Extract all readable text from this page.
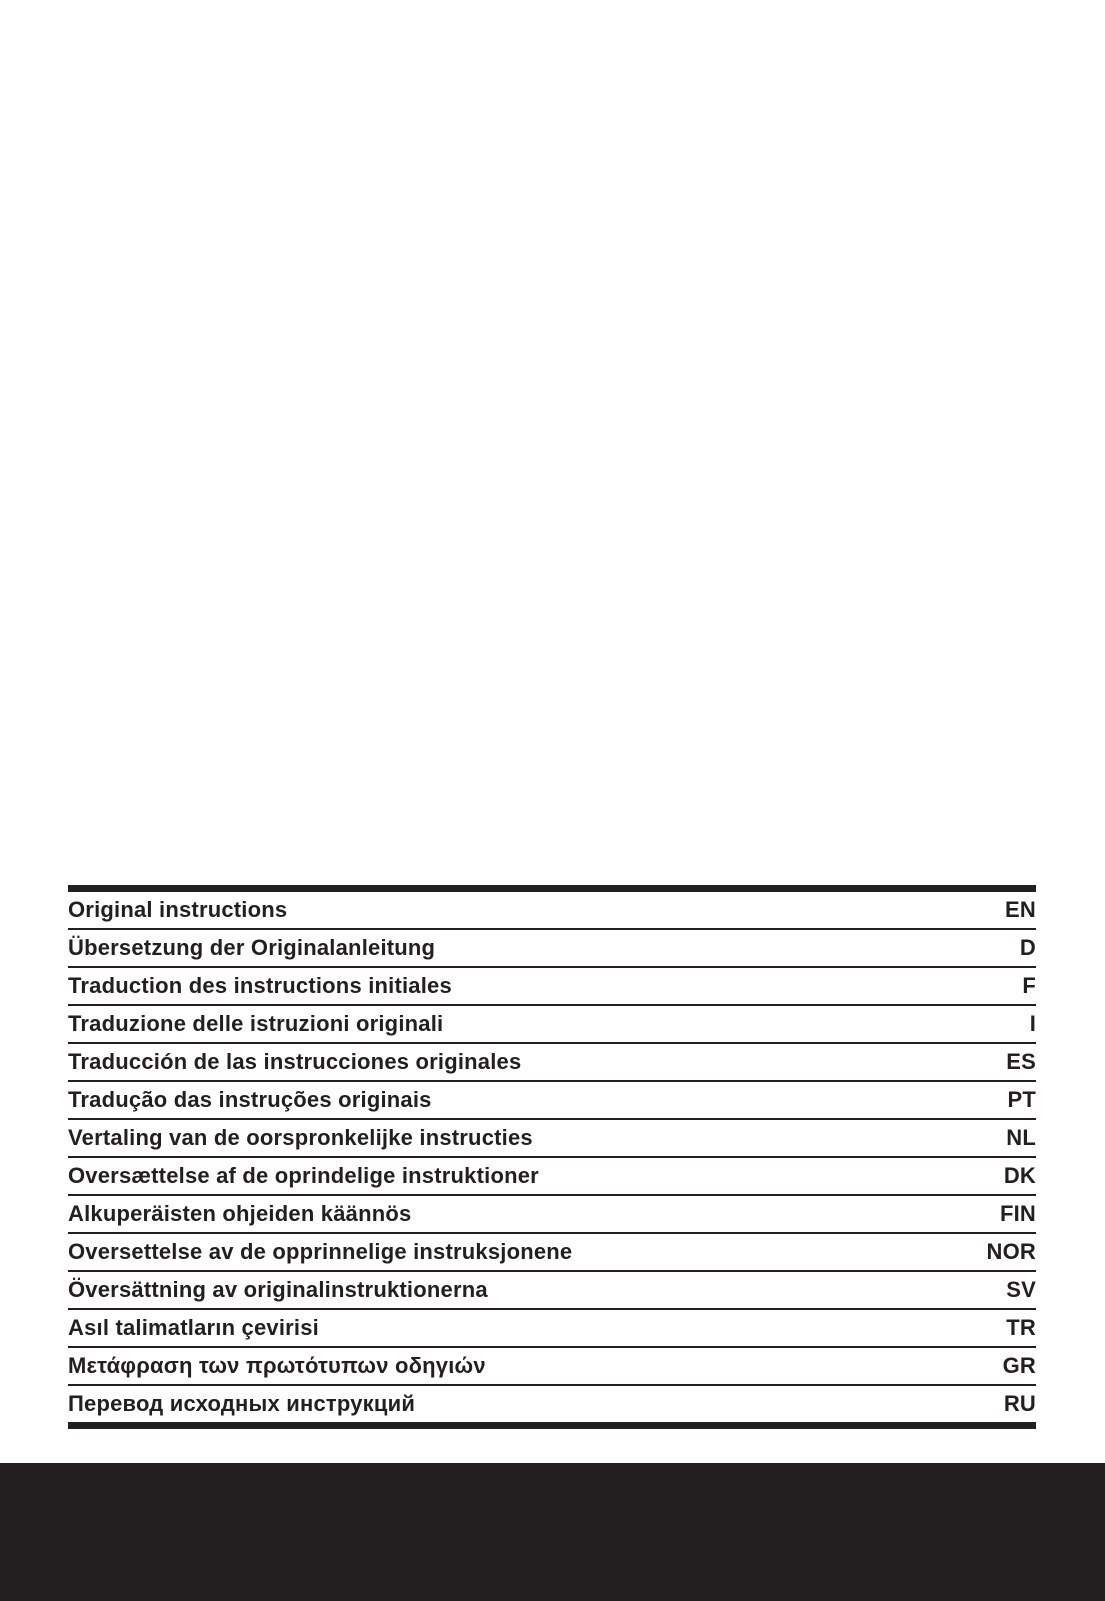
Original instructions	EN
Übersetzung der Originalanleitung	D
Traduction des instructions initiales	F
Traduzione delle istruzioni originali	I
Traducción de las instrucciones originales	ES
Tradução das instruções originais	PT
Vertaling van de oorspronkelijke instructies	NL
Oversættelse af de oprindelige instruktioner	DK
Alkuperäisten ohjeiden käännös	FIN
Oversettelse av de opprinnelige instruksjonene	NOR
Översättning av originalinstruktionerna	SV
Asıl talimatların çevirisi	TR
Μετάφραση των πρωτότυπων οδηγιών	GR
Перевод исходных инструкций	RU
